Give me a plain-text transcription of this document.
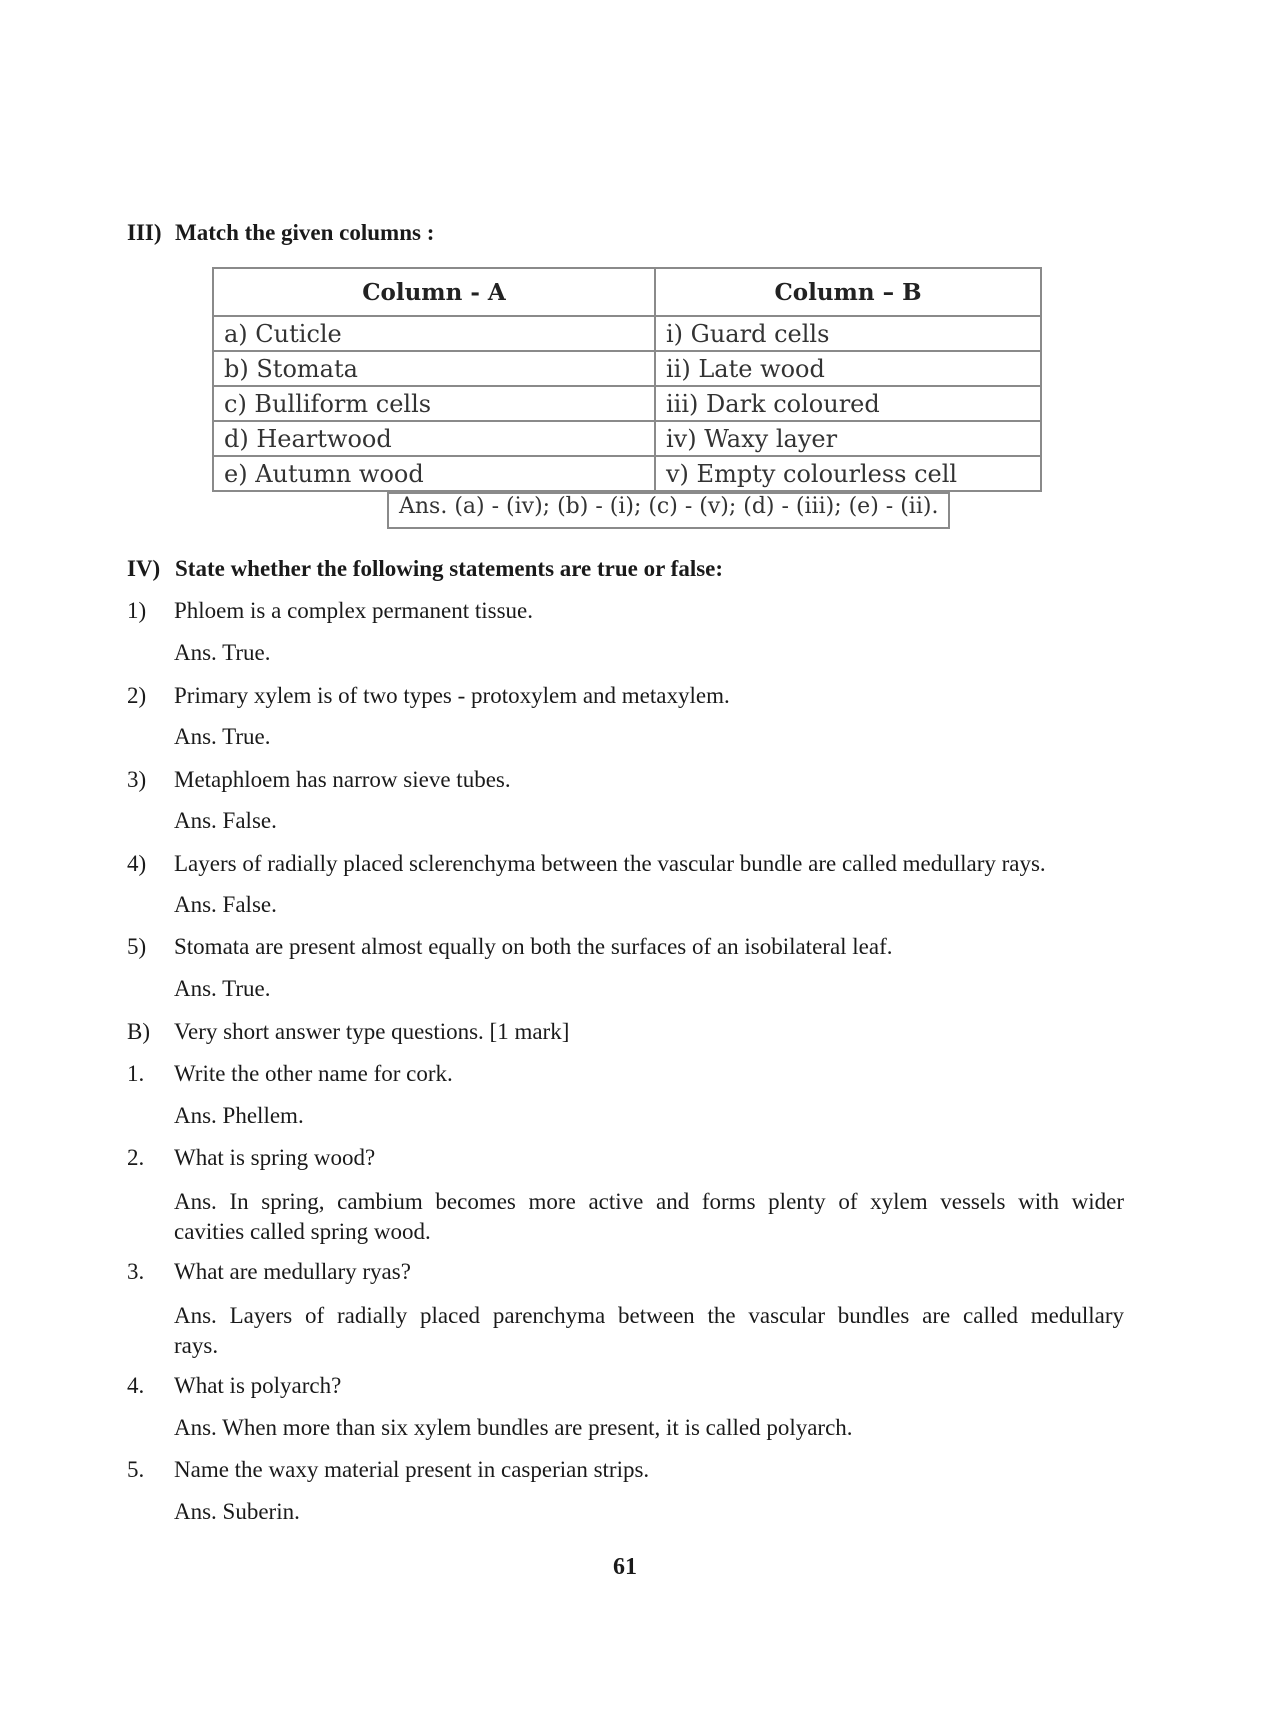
III) Match the given columns :
Column - A	Column – B
a) Cuticle	i) Guard cells
b) Stomata	ii) Late wood
c) Bulliform cells	iii) Dark coloured
d) Heartwood	iv) Waxy layer
e) Autumn wood	v) Empty colourless cell

Ans. (a) - (iv); (b) - (i); (c) - (v); (d) - (iii); (e) - (ii).
IV) State whether the following statements are true or false:
1) Phloem is a complex permanent tissue.
Ans. True.
2) Primary xylem is of two types - protoxylem and metaxylem.
Ans. True.
3) Metaphloem has narrow sieve tubes.
Ans. False.
4) Layers of radially placed sclerenchyma between the vascular bundle are called medullary rays.
Ans. False.
5) Stomata are present almost equally on both the surfaces of an isobilateral leaf.
Ans. True.
B) Very short answer type questions. [1 mark]
1. Write the other name for cork.
Ans. Phellem.
2. What is spring wood?
Ans. In spring, cambium becomes more active and forms plenty of xylem vessels with wider
cavities called spring wood.
3. What are medullary ryas?
Ans. Layers of radially placed parenchyma between the vascular bundles are called medullary
rays.
4. What is polyarch?
Ans. When more than six xylem bundles are present, it is called polyarch.
5. Name the waxy material present in casperian strips.
Ans. Suberin.
61
